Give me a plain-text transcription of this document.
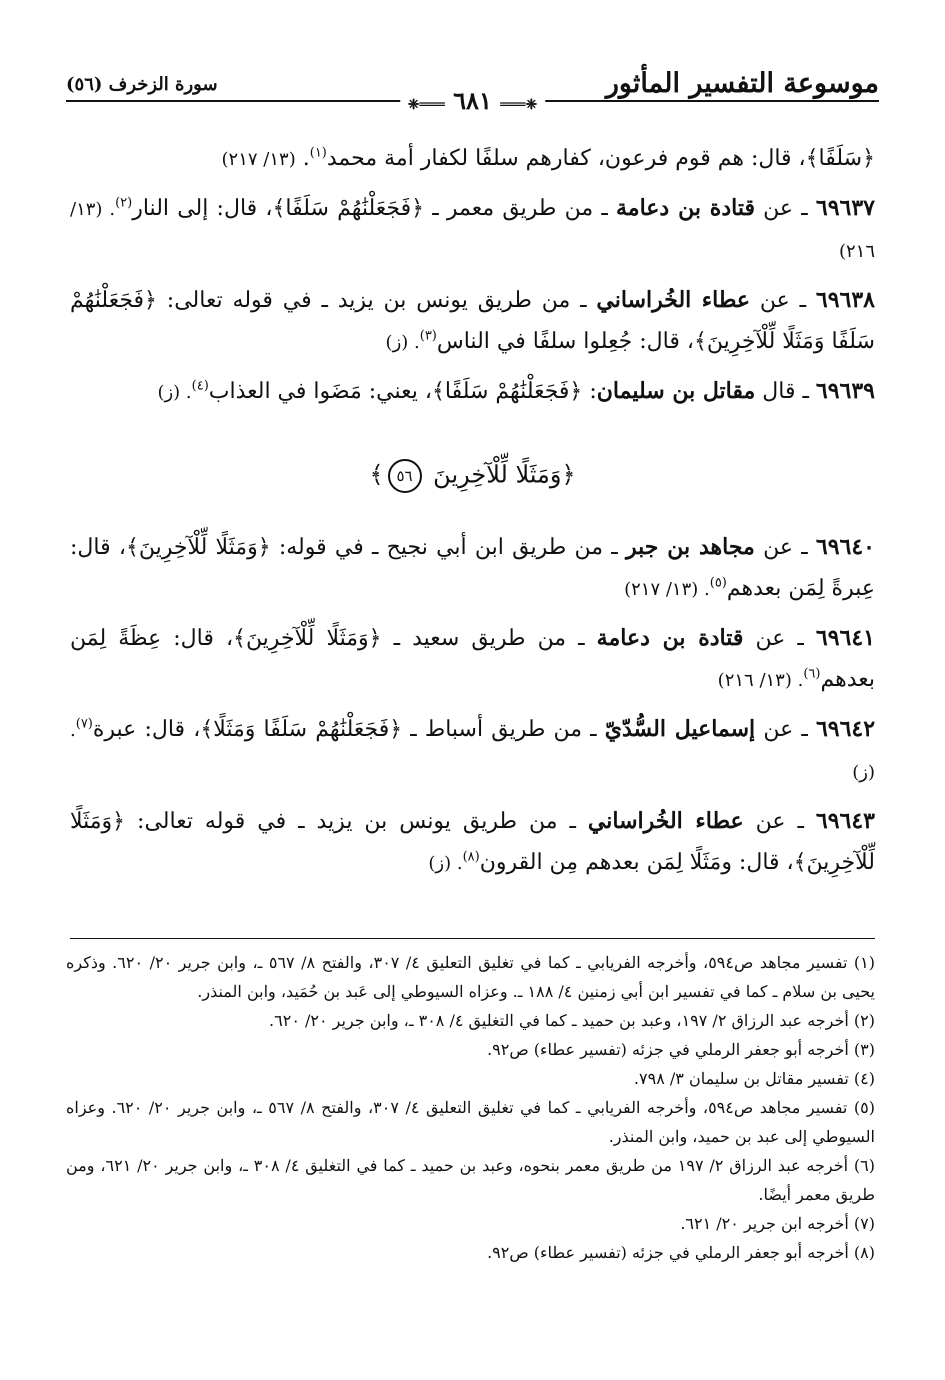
موسوعة التفسير المأثور
سورة الزخرف (٥٦)
❈═══ ٦٨١ ═══❈

﴿سَلَفًا﴾، قال: هم قوم فرعون، كفارهم سلفًا لكفار أمة محمد$^{(١)}$. (١٣/ ٢١٧)

٦٩٦٣٧ ـ عن قتادة بن دعامة ـ من طريق معمر ـ ﴿فَجَعَلْنَٰهُمْ سَلَفًا﴾، قال: إلى النار$^{(٢)}$. (١٣/ ٢١٦)

٦٩٦٣٨ ـ عن عطاء الخُراساني ـ من طريق يونس بن يزيد ـ في قوله تعالى: ﴿فَجَعَلْنَٰهُمْ سَلَفًا وَمَثَلًا لِّلْآخِرِينَ﴾، قال: جُعِلوا سلفًا في الناس$^{(٣)}$. (ز)

٦٩٦٣٩ ـ قال مقاتل بن سليمان: ﴿فَجَعَلْنَٰهُمْ سَلَفًا﴾، يعني: مَضَوا في العذاب$^{(٤)}$. (ز)

﴿وَمَثَلًا لِّلْآخِرِينَ ٥٦﴾

٦٩٦٤٠ ـ عن مجاهد بن جبر ـ من طريق ابن أبي نجيح ـ في قوله: ﴿وَمَثَلًا لِّلْآخِرِينَ﴾، قال: عِبرةً لِمَن بعدهم$^{(٥)}$. (١٣/ ٢١٧)

٦٩٦٤١ ـ عن قتادة بن دعامة ـ من طريق سعيد ـ ﴿وَمَثَلًا لِّلْآخِرِينَ﴾، قال: عِظَةً لِمَن بعدهم$^{(٦)}$. (١٣/ ٢١٦)

٦٩٦٤٢ ـ عن إسماعيل السُّدّيّ ـ من طريق أسباط ـ ﴿فَجَعَلْنَٰهُمْ سَلَفًا وَمَثَلًا﴾، قال: عبرة$^{(٧)}$. (ز)

٦٩٦٤٣ ـ عن عطاء الخُراساني ـ من طريق يونس بن يزيد ـ في قوله تعالى: ﴿وَمَثَلًا لِّلْآخِرِينَ﴾، قال: ومَثَلًا لِمَن بعدهم مِن القرون$^{(٨)}$. (ز)

(١) تفسير مجاهد ص٥٩٤، وأخرجه الفريابي ـ كما في تغليق التعليق ٤/ ٣٠٧، والفتح ٨/ ٥٦٧ ـ، وابن جرير ٢٠/ ٦٢٠. وذكره يحيى بن سلام ـ كما في تفسير ابن أبي زمنين ٤/ ١٨٨ ـ. وعزاه السيوطي إلى عَبد بن حُمَيد، وابن المنذر.

(٢) أخرجه عبد الرزاق ٢/ ١٩٧، وعبد بن حميد ـ كما في التغليق ٤/ ٣٠٨ ـ، وابن جرير ٢٠/ ٦٢٠.

(٣) أخرجه أبو جعفر الرملي في جزئه (تفسير عطاء) ص٩٢.

(٤) تفسير مقاتل بن سليمان ٣/ ٧٩٨.

(٥) تفسير مجاهد ص٥٩٤، وأخرجه الفريابي ـ كما في تغليق التعليق ٤/ ٣٠٧، والفتح ٨/ ٥٦٧ ـ، وابن جرير ٢٠/ ٦٢٠. وعزاه السيوطي إلى عبد بن حميد، وابن المنذر.

(٦) أخرجه عبد الرزاق ٢/ ١٩٧ من طريق معمر بنحوه، وعبد بن حميد ـ كما في التغليق ٤/ ٣٠٨ ـ، وابن جرير ٢٠/ ٦٢١، ومن طريق معمر أيضًا.

(٧) أخرجه ابن جرير ٢٠/ ٦٢١.

(٨) أخرجه أبو جعفر الرملي في جزئه (تفسير عطاء) ص٩٢.
